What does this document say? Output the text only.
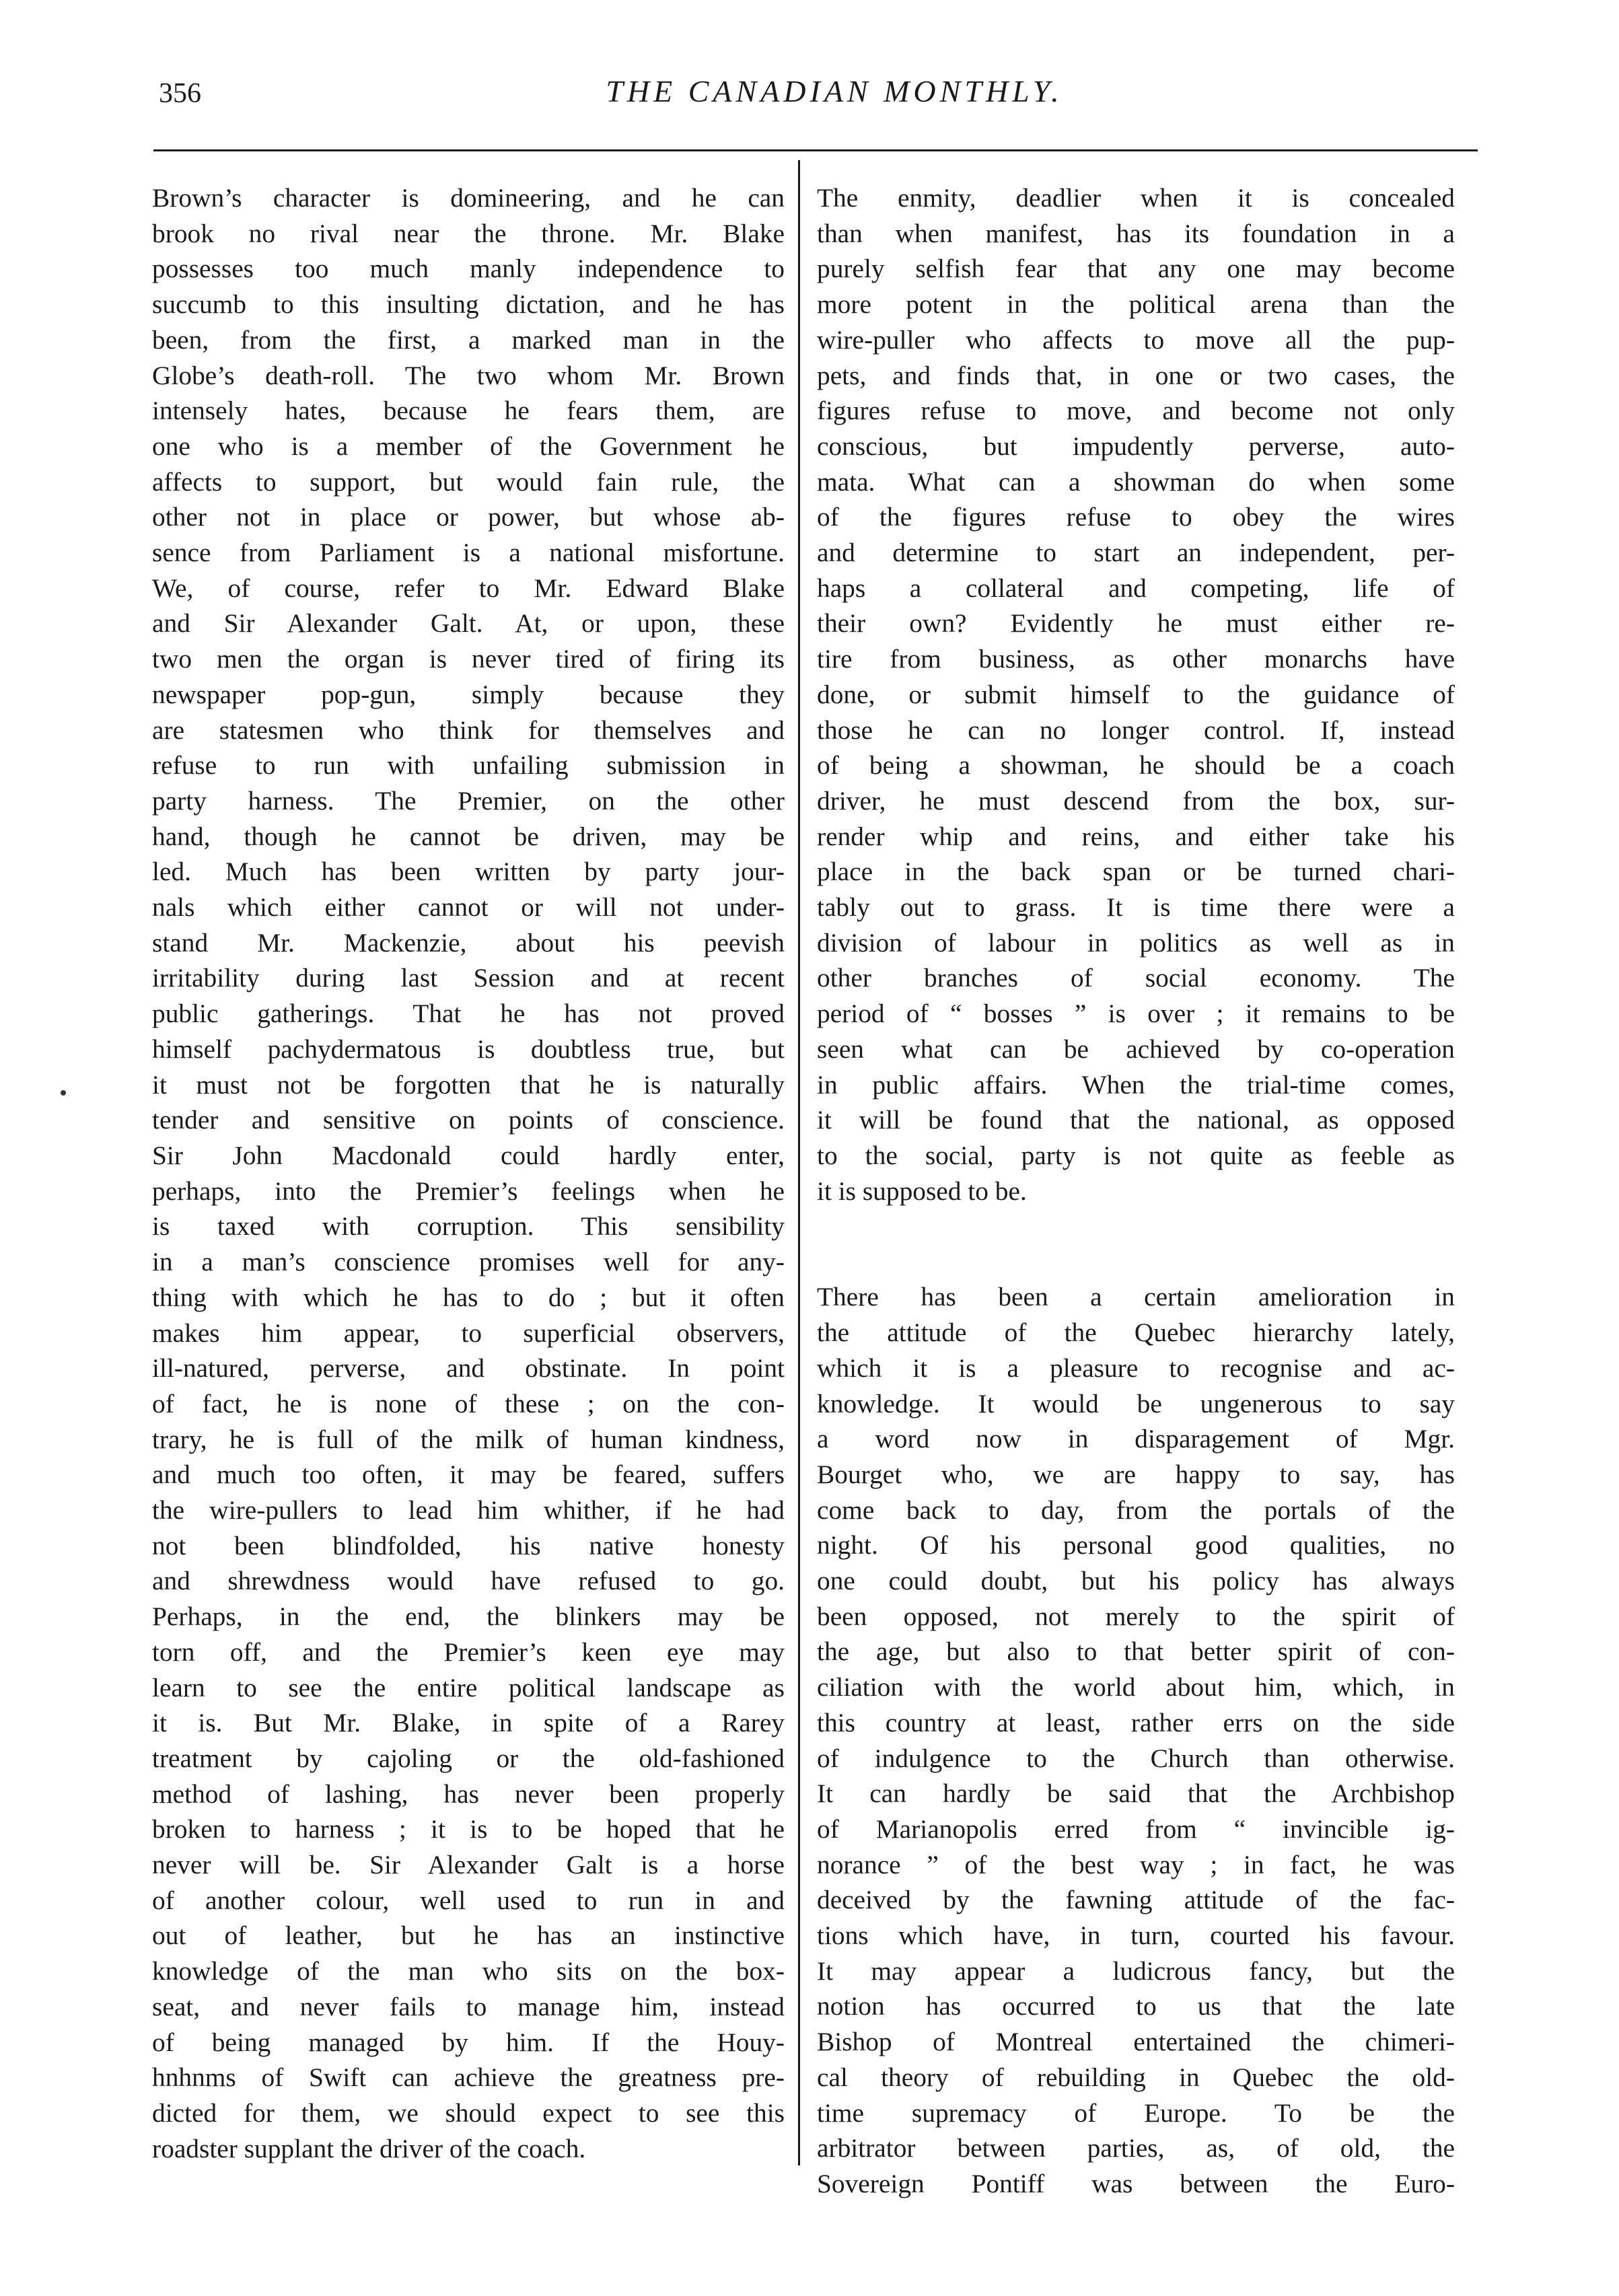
356	THE CANADIAN MONTHLY.
Brown’s character is domineering, and he can
brook no rival near the throne. Mr. Blake
possesses too much manly independence to
succumb to this insulting dictation, and he has
been, from the first, a marked man in the
Globe’s death-roll. The two whom Mr. Brown
intensely hates, because he fears them, are
one who is a member of the Government he
affects to support, but would fain rule, the
other not in place or power, but whose ab-
sence from Parliament is a national misfortune.
We, of course, refer to Mr. Edward Blake
and Sir Alexander Galt. At, or upon, these
two men the organ is never tired of firing its
newspaper pop-gun, simply because they
are statesmen who think for themselves and
refuse to run with unfailing submission in
party harness. The Premier, on the other
hand, though he cannot be driven, may be
led. Much has been written by party jour-
nals which either cannot or will not under-
stand Mr. Mackenzie, about his peevish
irritability during last Session and at recent
public gatherings. That he has not proved
himself pachydermatous is doubtless true, but
it must not be forgotten that he is naturally
tender and sensitive on points of conscience.
Sir John Macdonald could hardly enter,
perhaps, into the Premier’s feelings when he
is taxed with corruption. This sensibility
in a man’s conscience promises well for any-
thing with which he has to do ; but it often
makes him appear, to superficial observers,
ill-natured, perverse, and obstinate. In point
of fact, he is none of these ; on the con-
trary, he is full of the milk of human kindness,
and much too often, it may be feared, suffers
the wire-pullers to lead him whither, if he had
not been blindfolded, his native honesty
and shrewdness would have refused to go.
Perhaps, in the end, the blinkers may be
torn off, and the Premier’s keen eye may
learn to see the entire political landscape as
it is. But Mr. Blake, in spite of a Rarey
treatment by cajoling or the old-fashioned
method of lashing, has never been properly
broken to harness ; it is to be hoped that he
never will be. Sir Alexander Galt is a horse
of another colour, well used to run in and
out of leather, but he has an instinctive
knowledge of the man who sits on the box-
seat, and never fails to manage him, instead
of being managed by him. If the Houy-
hnhnms of Swift can achieve the greatness pre-
dicted for them, we should expect to see this
roadster supplant the driver of the coach.
The enmity, deadlier when it is concealed
than when manifest, has its foundation in a
purely selfish fear that any one may become
more potent in the political arena than the
wire-puller who affects to move all the pup-
pets, and finds that, in one or two cases, the
figures refuse to move, and become not only
conscious, but impudently perverse, auto-
mata. What can a showman do when some
of the figures refuse to obey the wires
and determine to start an independent, per-
haps a collateral and competing, life of
their own? Evidently he must either re-
tire from business, as other monarchs have
done, or submit himself to the guidance of
those he can no longer control. If, instead
of being a showman, he should be a coach
driver, he must descend from the box, sur-
render whip and reins, and either take his
place in the back span or be turned chari-
tably out to grass. It is time there were a
division of labour in politics as well as in
other branches of social economy. The
period of “ bosses ” is over ; it remains to be
seen what can be achieved by co-operation
in public affairs. When the trial-time comes,
it will be found that the national, as opposed
to the social, party is not quite as feeble as
it is supposed to be.
There has been a certain amelioration in
the attitude of the Quebec hierarchy lately,
which it is a pleasure to recognise and ac-
knowledge. It would be ungenerous to say
a word now in disparagement of Mgr.
Bourget who, we are happy to say, has
come back to day, from the portals of the
night. Of his personal good qualities, no
one could doubt, but his policy has always
been opposed, not merely to the spirit of
the age, but also to that better spirit of con-
ciliation with the world about him, which, in
this country at least, rather errs on the side
of indulgence to the Church than otherwise.
It can hardly be said that the Archbishop
of Marianopolis erred from “ invincible ig-
norance ” of the best way ; in fact, he was
deceived by the fawning attitude of the fac-
tions which have, in turn, courted his favour.
It may appear a ludicrous fancy, but the
notion has occurred to us that the late
Bishop of Montreal entertained the chimeri-
cal theory of rebuilding in Quebec the old-
time supremacy of Europe. To be the
arbitrator between parties, as, of old, the
Sovereign Pontiff was between the Euro-
